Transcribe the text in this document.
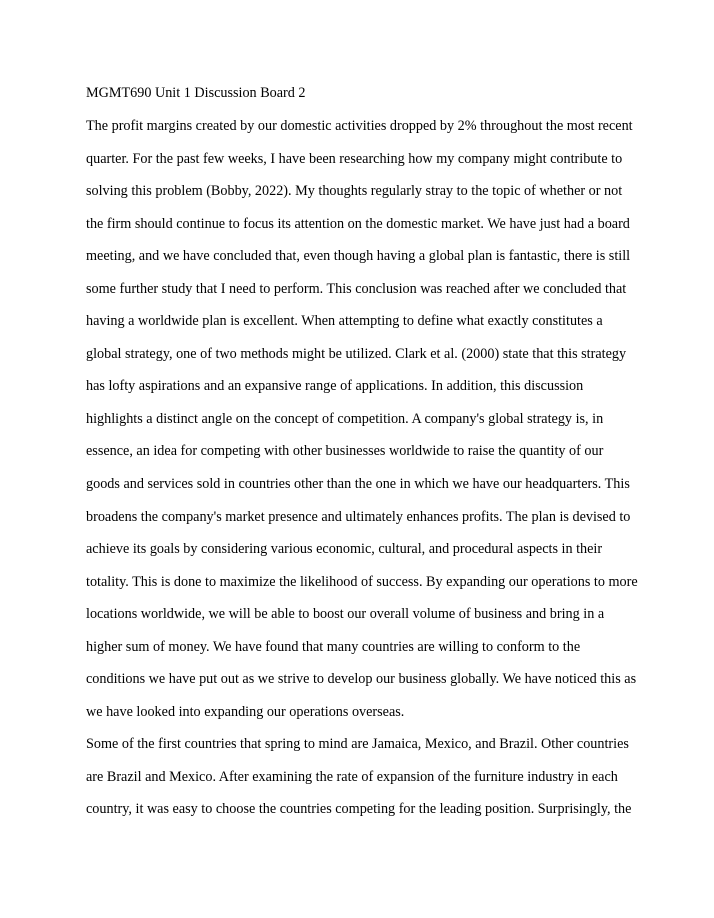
MGMT690 Unit 1 Discussion Board 2
The profit margins created by our domestic activities dropped by 2% throughout the most recent
quarter. For the past few weeks, I have been researching how my company might contribute to
solving this problem (Bobby, 2022). My thoughts regularly stray to the topic of whether or not
the firm should continue to focus its attention on the domestic market. We have just had a board
meeting, and we have concluded that, even though having a global plan is fantastic, there is still
some further study that I need to perform. This conclusion was reached after we concluded that
having a worldwide plan is excellent. When attempting to define what exactly constitutes a
global strategy, one of two methods might be utilized. Clark et al. (2000) state that this strategy
has lofty aspirations and an expansive range of applications. In addition, this discussion
highlights a distinct angle on the concept of competition. A company's global strategy is, in
essence, an idea for competing with other businesses worldwide to raise the quantity of our
goods and services sold in countries other than the one in which we have our headquarters. This
broadens the company's market presence and ultimately enhances profits. The plan is devised to
achieve its goals by considering various economic, cultural, and procedural aspects in their
totality. This is done to maximize the likelihood of success. By expanding our operations to more
locations worldwide, we will be able to boost our overall volume of business and bring in a
higher sum of money. We have found that many countries are willing to conform to the
conditions we have put out as we strive to develop our business globally. We have noticed this as
we have looked into expanding our operations overseas.
Some of the first countries that spring to mind are Jamaica, Mexico, and Brazil. Other countries
are Brazil and Mexico. After examining the rate of expansion of the furniture industry in each
country, it was easy to choose the countries competing for the leading position. Surprisingly, the
